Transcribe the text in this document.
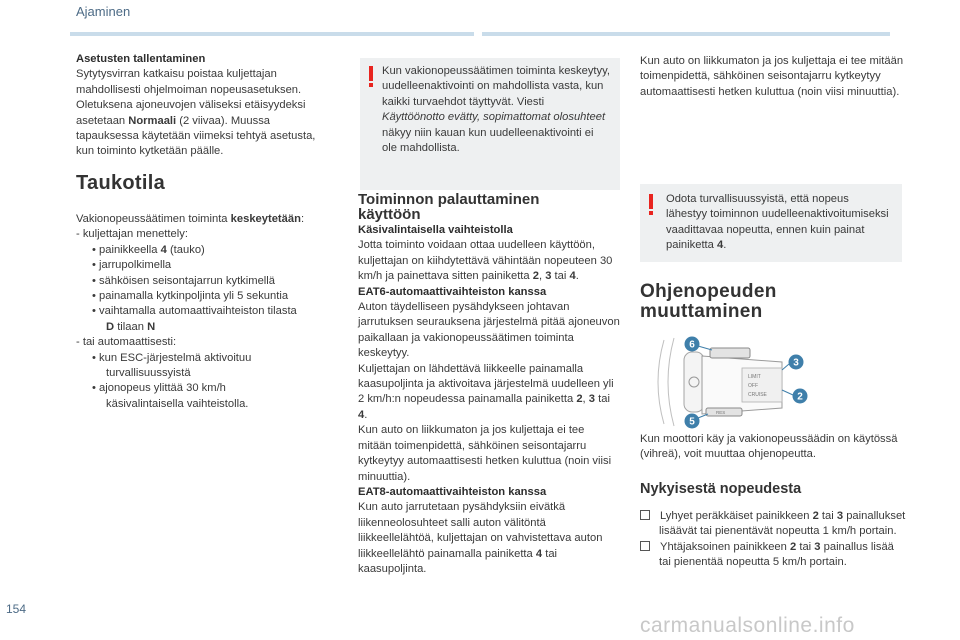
Ajaminen

Asetusten tallentaminen

Sytytysvirran katkaisu poistaa kuljettajan mahdollisesti ohjelmoiman nopeusasetuksen. Oletuksena ajoneuvojen väliseksi etäisyydeksi asetetaan Normaali (2 viivaa). Muussa tapauksessa käytetään viimeksi tehtyä asetusta, kun toiminto kytketään päälle.

Taukotila

Vakionopeussäätimen toiminta keskeytetään:

- kuljettajan menettely:

• painikkeella 4 (tauko)

• jarrupolkimella

• sähköisen seisontajarrun kytkimellä

• painamalla kytkinpoljinta yli 5 sekuntia

• vaihtamalla automaattivaihteiston tilasta

D tilaan N

- tai automaattisesti:

• kun ESC-järjestelmä aktivoituu

turvallisuussyistä

• ajonopeus ylittää 30 km/h

käsivalintaisella vaihteistolla.

Kun vakionopeussäätimen toiminta keskeytyy, uudelleenaktivointi on mahdollista vasta, kun kaikki turvaehdot täyttyvät. Viesti Käyttöönotto evätty, sopimattomat olosuhteet näkyy niin kauan kun uudelleenaktivointi ei ole mahdollista.
Toiminnon palauttaminen
käyttöön

Käsivalintaisella vaihteistolla

Jotta toiminto voidaan ottaa uudelleen käyttöön, kuljettajan on kiihdytettävä vähintään nopeuteen 30 km/h ja painettava sitten painiketta 2, 3 tai 4.

EAT6-automaattivaihteiston kanssa

Auton täydelliseen pysähdykseen johtavan jarrutuksen seurauksena järjestelmä pitää ajoneuvon paikallaan ja vakionopeussäätimen toiminta keskeytyy.

Kuljettajan on lähdettävä liikkeelle painamalla kaasupoljinta ja aktivoitava järjestelmä uudelleen yli 2 km/h:n nopeudessa painamalla painiketta 2, 3 tai 4.

Kun auto on liikkumaton ja jos kuljettaja ei tee mitään toimenpidettä, sähköinen seisontajarru kytkeytyy automaattisesti hetken kuluttua (noin viisi minuuttia).

EAT8-automaattivaihteiston kanssa

Kun auto jarrutetaan pysähdyksiin eivätkä liikenneolosuhteet salli auton välitöntä liikkeellelähtöä, kuljettajan on vahvistettava auton liikkeellelähtö painamalla painiketta 4 tai kaasupoljinta.

Kun auto on liikkumaton ja jos kuljettaja ei tee mitään toimenpidettä, sähköinen seisontajarru kytkeytyy automaattisesti hetken kuluttua (noin viisi minuuttia).

Odota turvallisuussyistä, että nopeus lähestyy toiminnon uudelleenaktivoitumiseksi vaadittavaa nopeutta, ennen kuin painat painiketta 4.
Ohjenopeuden
muuttaminen
LIMIT
OFF
CRUISE
RES
6
3
2
5

Kun moottori käy ja vakionopeussäädin on käytössä (vihreä), voit muuttaa ohjenopeutta.

Nykyisestä nopeudesta

Lyhyet peräkkäiset painikkeen 2 tai 3 painallukset lisäävät tai pienentävät nopeutta 1 km/h portain.

Yhtäjaksoinen painikkeen 2 tai 3 painallus lisää tai pienentää nopeutta 5 km/h portain.

154
carmanualsonline.info
